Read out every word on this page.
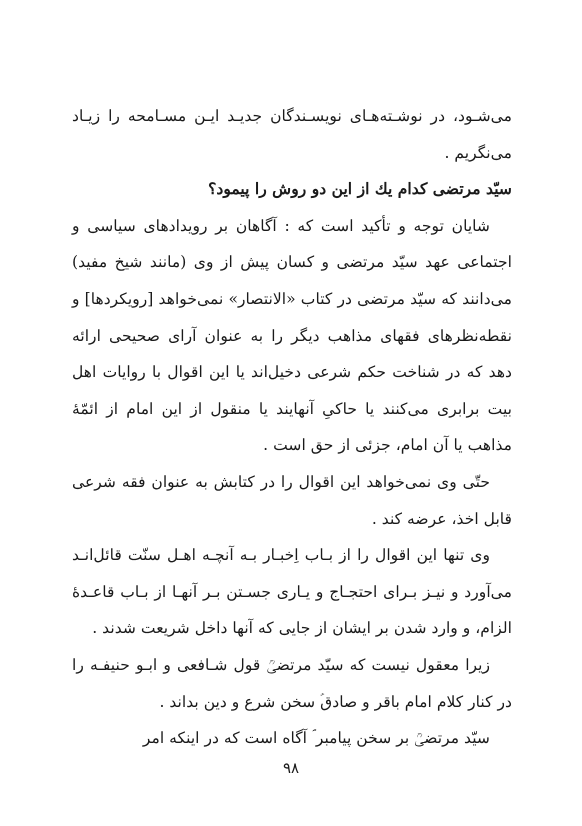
می‌شـود، در نوشـته‌هـای نویسـندگان جدیـد ایـن مسـامحه را زیـاد می‌نگریم .

سیّد مرتضی کدام یك از این دو روش را پیمود؟

شایان توجه و تأکید است که : آگاهان بر رویدادهای سیاسی و اجتماعی عهد سیّد مرتضی و کسان پیش از وی (مانند شیخ مفید) می‌دانند که سیّد مرتضی در کتاب «الانتصار» نمی‌خواهد [رویکردها] و نقطه‌نظرهای فقهای مذاهب دیگر را به عنوان آرای صحیحی ارائه دهد که در شناخت حکم شرعی دخیل‌اند یا این اقوال با روایات اهل بیت برابری می‌کنند یا حاکیِ آنهایند یا منقول از این امام از ائمّهٔ مذاهب یا آن امام، جزئی از حق است .

حتّی وی نمی‌خواهد این اقوال را در کتابش به عنوان فقه شرعی قابل اخذ، عرضه کند .

وی تنها این اقوال را از بـاب اِخبـار بـه آنچـه اهـل سنّت قائل‌انـد می‌آورد و نیـز بـرای احتجـاج و یـاری جسـتن بـر آنهـا از بـاب قاعـدهٔ الزام، و وارد شدن بر ایشان از جایی که آنها داخل شریعت شدند .

زیرا معقول نیست که سیّد مرتضیؒ قول شـافعی و ابـو حنیفـه را در کنار کلام امام باقر و صادق‌ؑ سخن شرع و دین بداند .

سیّد مرتضیؒ بر سخن پیامبر ؐ آگاه است که در اینکه امر

۹۸
